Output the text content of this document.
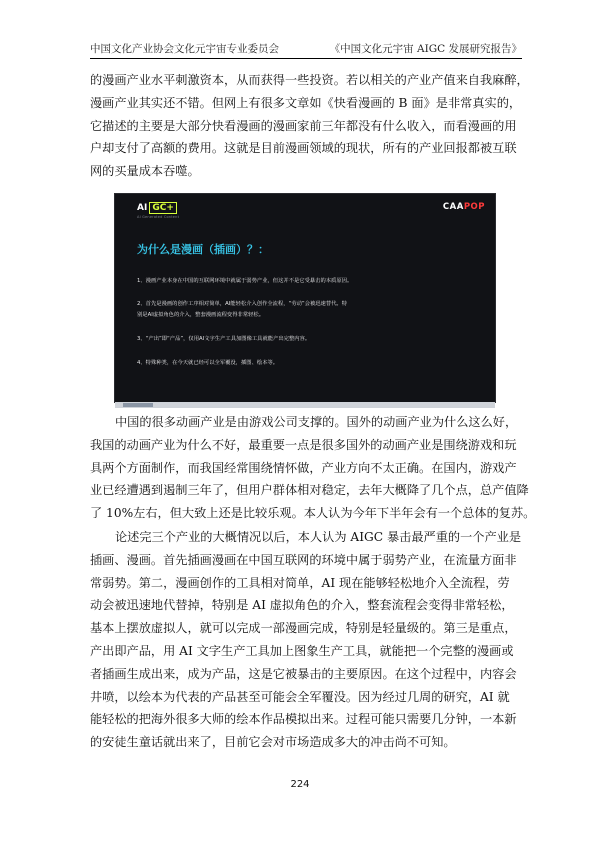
中国文化产业协会文化元宇宙专业委员会	《中国文化元宇宙 AIGC 发展研究报告》
的漫画产业水平刺激资本，从而获得一些投资。若以相关的产业产值来自我麻醉，
漫画产业其实还不错。但网上有很多文章如《快看漫画的 B 面》是非常真实的，
它描述的主要是大部分快看漫画的漫画家前三年都没有什么收入，而看漫画的用
户却支付了高额的费用。这就是目前漫画领域的现状，所有的产业回报都被互联
网的买量成本吞噬。
AI GC+
AI Generated Content
CAAPOP
为什么是漫画（插画）？：
1、漫画产业本身在中国的互联网环境中就属于弱势产业，但这并不是它受暴击的本质原因。
2、首先是漫画的创作工序相对简单，AI能轻松介入创作全流程，“劳动”会被迅速替代。特
别是AI虚拟角色的介入，整套漫画流程变得非常轻松。
3、“产出”即“产品”，仅用AI文字生产工具加图像工具就能产出完整内容。
4、特殊种类，在今天就已经可以全军覆没，插图、绘本等。
中国的很多动画产业是由游戏公司支撑的。国外的动画产业为什么这么好，
我国的动画产业为什么不好，最重要一点是很多国外的动画产业是围绕游戏和玩
具两个方面制作，而我国经常围绕情怀做，产业方向不太正确。在国内，游戏产
业已经遭遇到遏制三年了，但用户群体相对稳定，去年大概降了几个点，总产值降
了 10%左右，但大致上还是比较乐观。本人认为今年下半年会有一个总体的复苏。
论述完三个产业的大概情况以后，本人认为 AIGC 暴击最严重的一个产业是
插画、漫画。首先插画漫画在中国互联网的环境中属于弱势产业，在流量方面非
常弱势。第二，漫画创作的工具相对简单，AI 现在能够轻松地介入全流程，劳
动会被迅速地代替掉，特别是 AI 虚拟角色的介入，整套流程会变得非常轻松，
基本上摆放虚拟人，就可以完成一部漫画完成，特别是轻量级的。第三是重点，
产出即产品，用 AI 文字生产工具加上图象生产工具，就能把一个完整的漫画或
者插画生成出来，成为产品，这是它被暴击的主要原因。在这个过程中，内容会
井喷，以绘本为代表的产品甚至可能会全军覆没。因为经过几周的研究，AI 就
能轻松的把海外很多大师的绘本作品模拟出来。过程可能只需要几分钟，一本新
的安徒生童话就出来了，目前它会对市场造成多大的冲击尚不可知。
224
